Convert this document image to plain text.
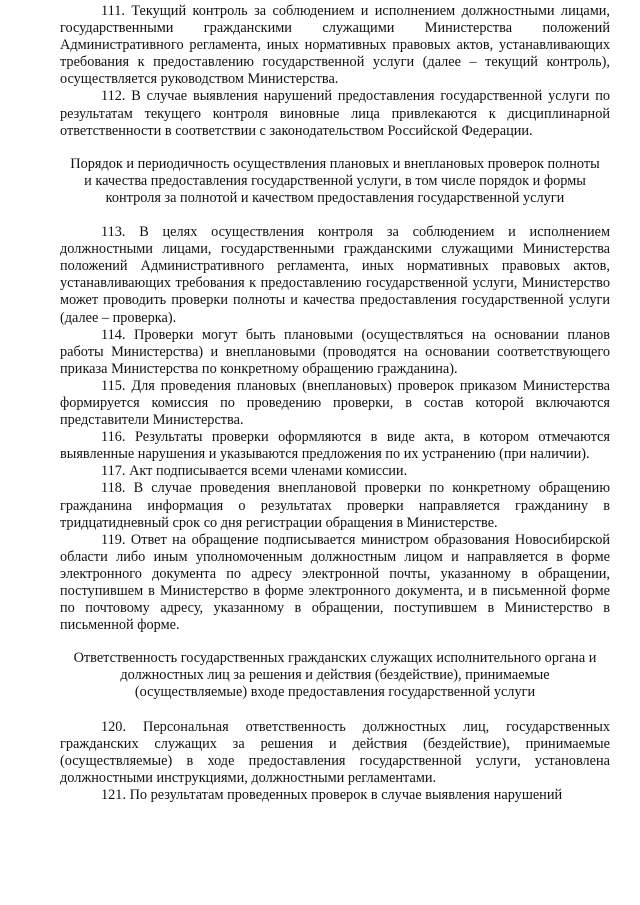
111. Текущий контроль за соблюдением и исполнением должностными лицами, государственными гражданскими служащими Министерства положений Административного регламента, иных нормативных правовых актов, устанавливающих требования к предоставлению государственной услуги (далее – текущий контроль), осуществляется руководством Министерства.

112. В случае выявления нарушений предоставления государственной услуги по результатам текущего контроля виновные лица привлекаются к дисциплинарной ответственности в соответствии с законодательством Российской Федерации.

Порядок и периодичность осуществления плановых и внеплановых проверок полноты и качества предоставления государственной услуги, в том числе порядок и формы контроля за полнотой и качеством предоставления государственной услуги

113. В целях осуществления контроля за соблюдением и исполнением должностными лицами, государственными гражданскими служащими Министерства положений Административного регламента, иных нормативных правовых актов, устанавливающих требования к предоставлению государственной услуги, Министерство может проводить проверки полноты и качества предоставления государственной услуги (далее – проверка).

114. Проверки могут быть плановыми (осуществляться на основании планов работы Министерства) и внеплановыми (проводятся на основании соответствующего приказа Министерства по конкретному обращению гражданина).

115. Для проведения плановых (внеплановых) проверок приказом Министерства формируется комиссия по проведению проверки, в состав которой включаются представители Министерства.

116. Результаты проверки оформляются в виде акта, в котором отмечаются выявленные нарушения и указываются предложения по их устранению (при наличии).

117. Акт подписывается всеми членами комиссии.

118. В случае проведения внеплановой проверки по конкретному обращению гражданина информация о результатах проверки направляется гражданину в тридцатидневный срок со дня регистрации обращения в Министерстве.

119. Ответ на обращение подписывается министром образования Новосибирской области либо иным уполномоченным должностным лицом и направляется в форме электронного документа по адресу электронной почты, указанному в обращении, поступившем в Министерство в форме электронного документа, и в письменной форме по почтовому адресу, указанному в обращении, поступившем в Министерство в письменной форме.

Ответственность государственных гражданских служащих исполнительного органа и должностных лиц за решения и действия (бездействие), принимаемые (осуществляемые) входе предоставления государственной услуги

120. Персональная ответственность должностных лиц, государственных гражданских служащих за решения и действия (бездействие), принимаемые (осуществляемые) в ходе предоставления государственной услуги, установлена должностными инструкциями, должностными регламентами.

121. По результатам проведенных проверок в случае выявления нарушений
